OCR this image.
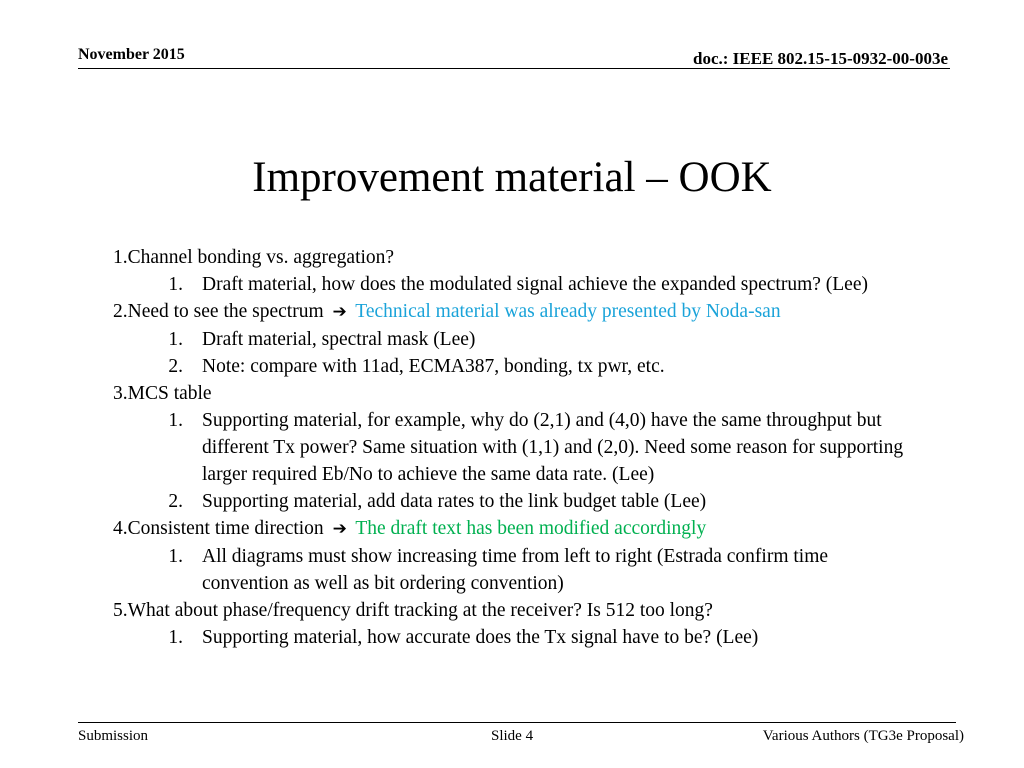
November 2015	doc.: IEEE 802.15-15-0932-00-003e
Improvement material – OOK

1.Channel bonding vs. aggregation?

1. Draft material, how does the modulated signal achieve the expanded spectrum? (Lee)

2.Need to see the spectrum ➔ Technical material was already presented by Noda-san

1. Draft material, spectral mask (Lee)
2. Note: compare with 11ad, ECMA387, bonding, tx pwr, etc.

3.MCS table

1. Supporting material, for example, why do (2,1) and (4,0) have the same throughput but different Tx power? Same situation with (1,1) and (2,0). Need some reason for supporting larger required Eb/No to achieve the same data rate. (Lee)
2. Supporting material, add data rates to the link budget table (Lee)

4.Consistent time direction ➔ The draft text has been modified accordingly

1. All diagrams must show increasing time from left to right (Estrada confirm time convention as well as bit ordering convention)

5.What about phase/frequency drift tracking at the receiver? Is 512 too long?

1. Supporting material, how accurate does the Tx signal have to be? (Lee)
Submission	Slide 4	Various Authors (TG3e Proposal)
